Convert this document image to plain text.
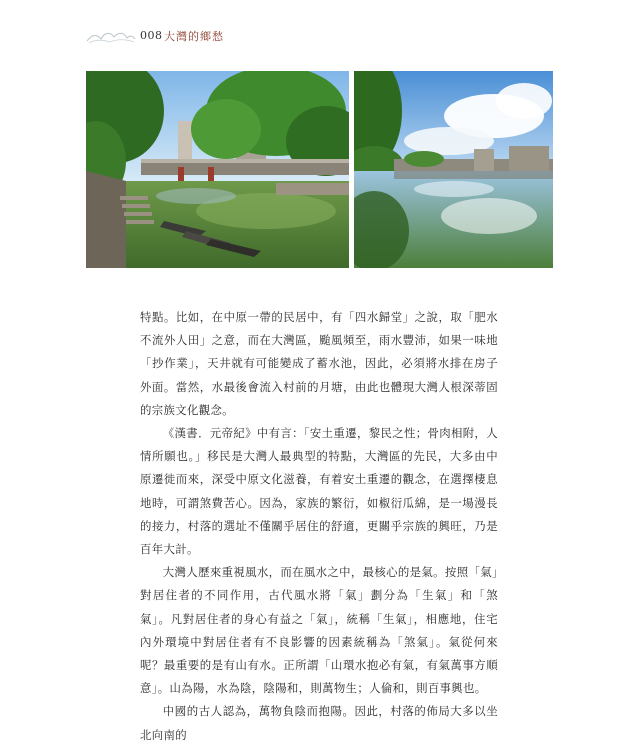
008 大灣的鄉愁

特點。比如，在中原一帶的民居中，有「四水歸堂」之說，取「肥水不流外人田」之意，而在大灣區，颱風頻至，雨水豐沛，如果一味地「抄作業」，天井就有可能變成了蓄水池，因此，必須將水排在房子外面。當然，水最後會流入村前的月塘，由此也體現大灣人根深蒂固的宗族文化觀念。

《漢書．元帝紀》中有言：「安土重遷，黎民之性；骨肉相附，人情所願也。」移民是大灣人最典型的特點，大灣區的先民，大多由中原遷徙而來，深受中原文化滋養，有着安土重遷的觀念，在選擇棲息地時，可謂煞費苦心。因為，家族的繁衍，如椒衍瓜綿，是一場漫長的接力，村落的選址不僅關乎居住的舒適，更關乎宗族的興旺，乃是百年大計。

大灣人歷來重視風水，而在風水之中，最核心的是氣。按照「氣」對居住者的不同作用，古代風水將「氣」劃分為「生氣」和「煞氣」。凡對居住者的身心有益之「氣」，統稱「生氣」，相應地，住宅內外環境中對居住者有不良影響的因素統稱為「煞氣」。氣從何來呢？最重要的是有山有水。正所謂「山環水抱必有氣，有氣萬事方順意」。山為陽，水為陰，陰陽和，則萬物生；人倫和，則百事興也。

中國的古人認為，萬物負陰而抱陽。因此，村落的佈局大多以坐北向南的
